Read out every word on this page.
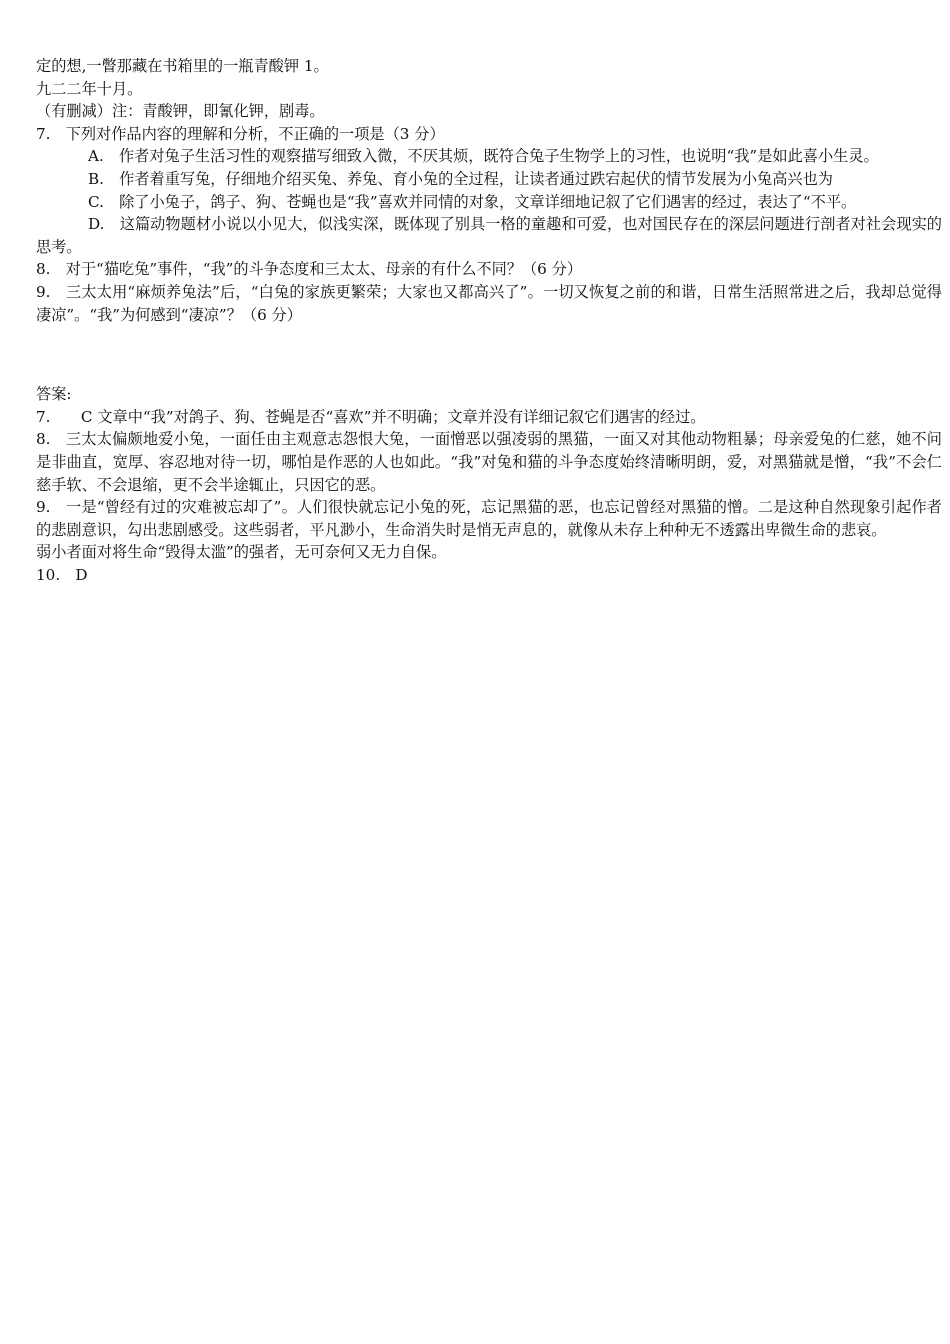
定的想,一瞥那藏在书箱里的一瓶青酸钾 1。
九二二年十月。
（有删减）注：青酸钾，即氰化钾，剧毒。
7.　下列对作品内容的理解和分析，不正确的一项是（3 分）
A.　作者对兔子生活习性的观察描写细致入微，不厌其烦，既符合兔子生物学上的习性，也说明“我”是如此喜小生灵。
B.　作者着重写兔，仔细地介绍买兔、养兔、育小兔的全过程，让读者通过跌宕起伏的情节发展为小兔高兴也为
C.　除了小兔子，鸽子、狗、苍蝇也是“我”喜欢并同情的对象，文章详细地记叙了它们遇害的经过，表达了“不平。
D.　这篇动物题材小说以小见大，似浅实深，既体现了别具一格的童趣和可爱，也对国民存在的深层问题进行剖者对社会现实的思考。
8.　对于“猫吃兔”事件，“我”的斗争态度和三太太、母亲的有什么不同？（6 分）
9.　三太太用“麻烦养兔法”后，“白兔的家族更繁荣；大家也又都高兴了”。一切又恢复之前的和谐，日常生活照常进之后，我却总觉得凄凉”。“我”为何感到“凄凉”？（6 分）
答案:
7.　　C 文章中“我”对鸽子、狗、苍蝇是否“喜欢”并不明确；文章并没有详细记叙它们遇害的经过。
8.　三太太偏颇地爱小兔，一面任由主观意志怨恨大兔，一面憎恶以强凌弱的黑猫，一面又对其他动物粗暴；母亲爱兔的仁慈，她不问是非曲直，宽厚、容忍地对待一切，哪怕是作恶的人也如此。“我”对兔和猫的斗争态度始终清晰明朗，爱，对黑猫就是憎，“我”不会仁慈手软、不会退缩，更不会半途辄止，只因它的恶。
9.　一是“曾经有过的灾难被忘却了”。人们很快就忘记小兔的死，忘记黑猫的恶，也忘记曾经对黑猫的憎。二是这种自然现象引起作者的悲剧意识，勾出悲剧感受。这些弱者，平凡渺小，生命消失时是悄无声息的，就像从未存上种种无不透露出卑微生命的悲哀。
弱小者面对将生命“毁得太滥”的强者，无可奈何又无力自保。
10.　D
